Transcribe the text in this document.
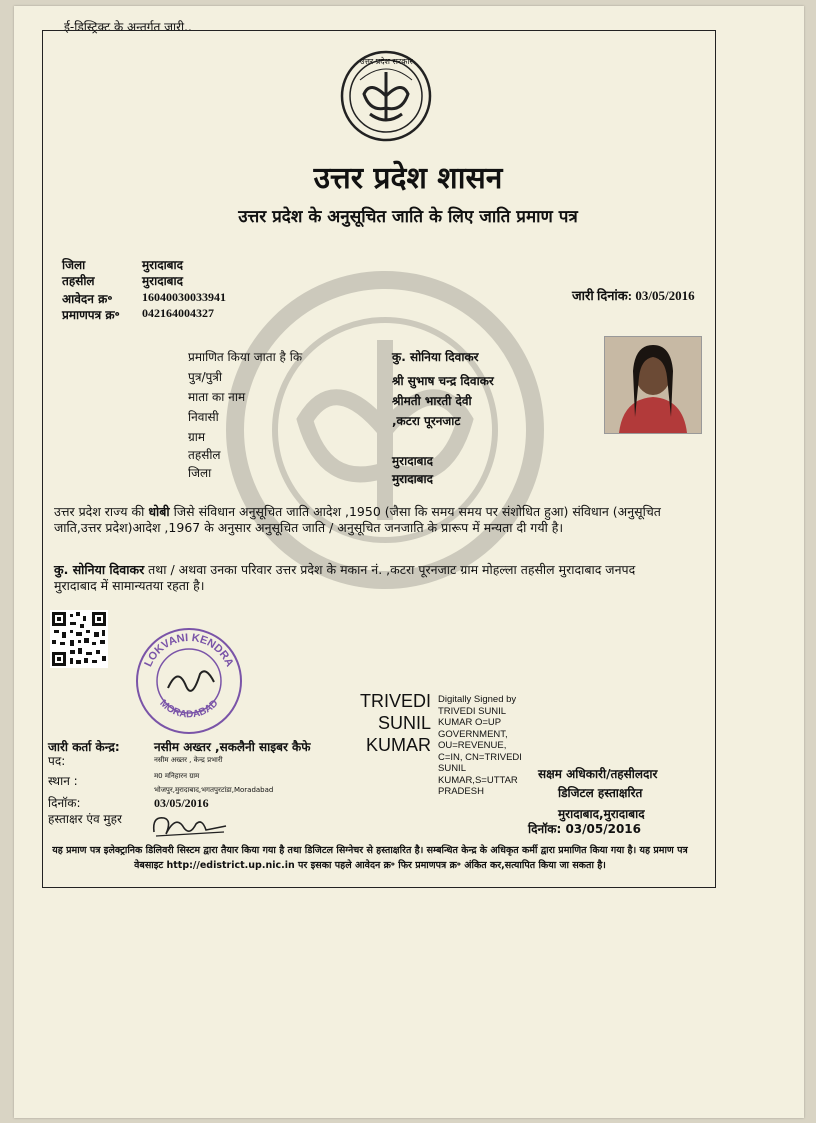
ई-डिस्ट्रिक्ट के अन्तर्गत जारी..
उत्तर प्रदेश सरकार
उत्तर प्रदेश शासन
उत्तर प्रदेश के अनुसूचित जाति के लिए जाति प्रमाण पत्र
जिला	मुरादाबाद
तहसील	मुरादाबाद
आवेदन क्र॰ 16040030033941
प्रमाणपत्र क्र॰ 042164004327
जारी दिनांक: 03/05/2016
प्रमाणित किया जाता है कि	कु. सोनिया दिवाकर
पुत्र/पुत्री	श्री सुभाष चन्द्र दिवाकर
माता का नाम	श्रीमती भारती देवी
निवासी	,कटरा पूरनजाट
ग्राम
तहसील	मुरादाबाद
जिला	मुरादाबाद
उत्तर प्रदेश राज्य की धोबी जिसे संविधान अनुसूचित जाति आदेश ,1950 (जैसा कि समय समय पर संशोधित हुआ) संविधान (अनुसूचित जाति,उत्तर प्रदेश)आदेश ,1967 के अनुसार अनुसूचित जाति / अनुसूचित जनजाति के प्रारूप में मन्यता दी गयी है।
कु. सोनिया दिवाकर तथा / अथवा उनका परिवार उत्तर प्रदेश के मकान नं. ,कटरा पूरनजाट ग्राम मोहल्ला तहसील मुरादाबाद जनपद मुरादाबाद में सामान्यतया रहता है।
LOKVANI KENDRA
MORADABAD	TRIVEDI
SUNIL
KUMAR
Digitally Signed by
TRIVEDI SUNIL
KUMAR O=UP
GOVERNMENT,
OU=REVENUE,
C=IN, CN=TRIVEDI
SUNIL
KUMAR,S=UTTAR
PRADESH
जारी कर्ता केन्द्र:	नसीम अख्तर ,सकलैनी साइबर कैफे
पद:	नसीम अख्तर , केन्द्र प्रभारी
स्थान :	म0 मनिहारन ग्राम
भोजपुर,मुरादाबाद,भगतपुरटांडा,Moradabad
दिनॉक:	03/05/2016
हस्ताक्षर एंव मुहर
सक्षम अधिकारी/तहसीलदार
डिजिटल हस्ताक्षरित
मुरादाबाद,मुरादाबाद
दिनॉक: 03/05/2016
यह प्रमाण पत्र इलेक्ट्रानिक डिलिवरी सिस्टम द्वारा तैयार किया गया है तथा डिजिटल सिग्नेचर से हस्ताक्षरित है। सम्बन्धित केन्द्र के अधिकृत कर्मी द्वारा प्रमाणित किया गया है। यह प्रमाण पत्र वेबसाइट http://edistrict.up.nic.in पर इसका पहले आवेदन क्र॰ फिर प्रमाणपत्र क्र॰ अंकित कर,सत्यापित किया जा सकता है।
